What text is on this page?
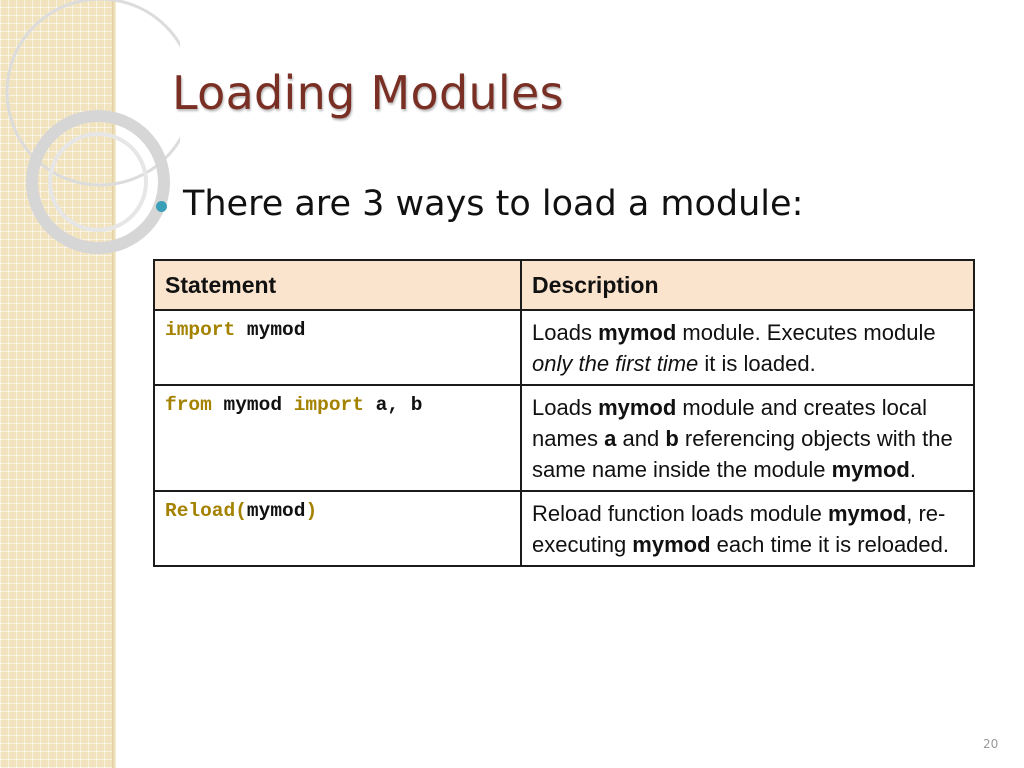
Loading Modules
There are 3 ways to load a module:
Statement	Description
import mymod	Loads mymod module. Executes module only the first time it is loaded.
from mymod import a, b	Loads mymod module and creates local names a and b referencing objects with the same name inside the module mymod.
Reload(mymod)	Reload function loads module mymod, re-executing mymod each time it is reloaded.
20
